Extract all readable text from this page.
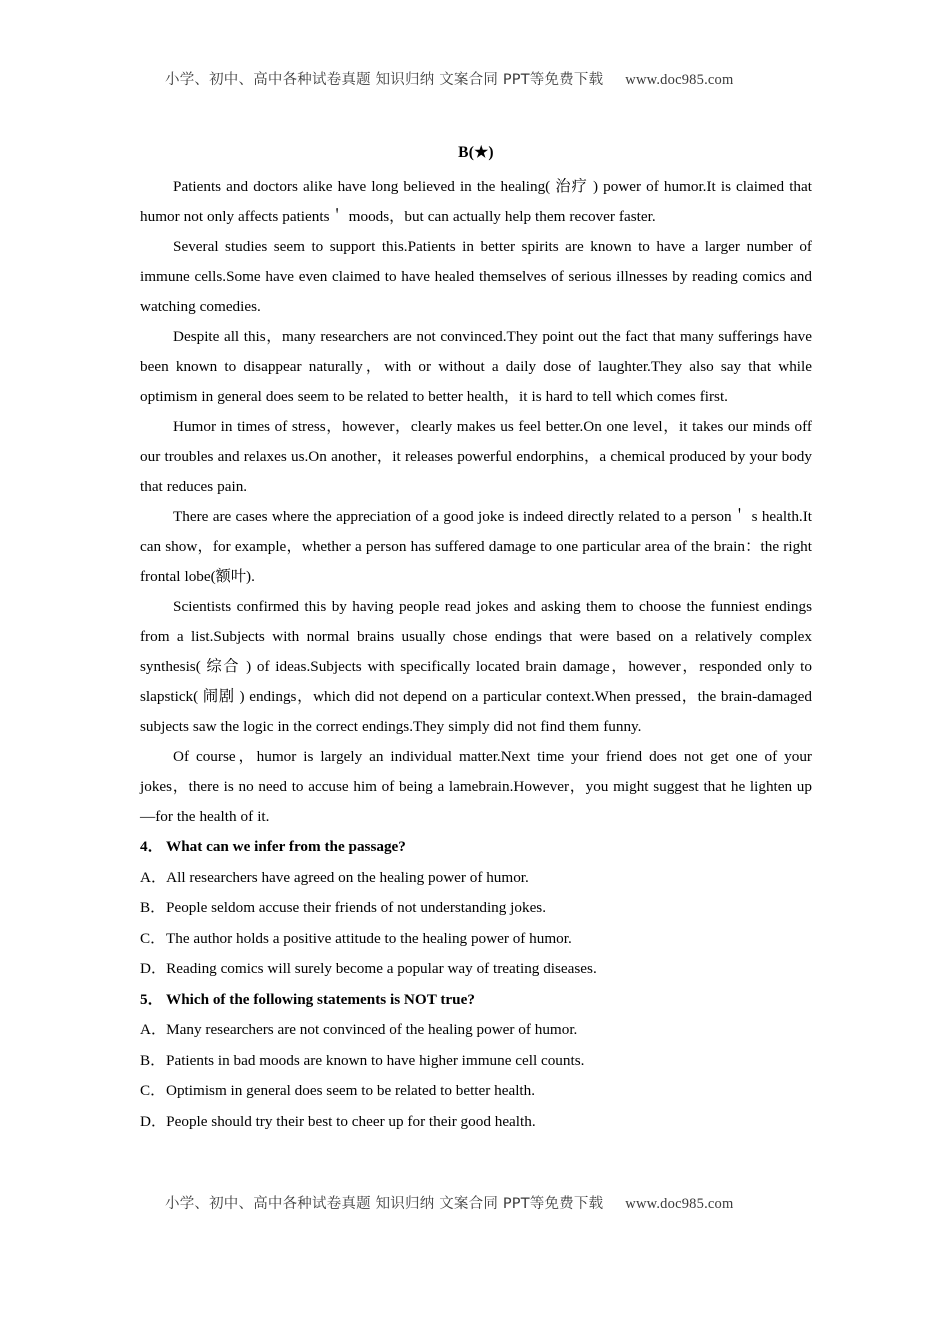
小学、初中、高中各种试卷真题 知识归纳 文案合同 PPT等免费下载 www.doc985.com

B(★)

Patients and doctors alike have long believed in the healing( 治疗 ) power of humor.It is claimed that humor not only affects patients＇ moods，but can actually help them recover faster.

Several studies seem to support this.Patients in better spirits are known to have a larger number of immune cells.Some have even claimed to have healed themselves of serious illnesses by reading comics and watching comedies.

Despite all this，many researchers are not convinced.They point out the fact that many sufferings have been known to disappear naturally，with or without a daily dose of laughter.They also say that while optimism in general does seem to be related to better health，it is hard to tell which comes first.

Humor in times of stress，however，clearly makes us feel better.On one level，it takes our minds off our troubles and relaxes us.On another，it releases powerful endorphins，a chemical produced by your body that reduces pain.

There are cases where the appreciation of a good joke is indeed directly related to a person＇ s health.It can show，for example，whether a person has suffered damage to one particular area of the brain：the right frontal lobe(额叶).

Scientists confirmed this by having people read jokes and asking them to choose the funniest endings from a list.Subjects with normal brains usually chose endings that were based on a relatively complex synthesis( 综合 ) of ideas.Subjects with specifically located brain damage，however，responded only to slapstick( 闹剧 ) endings，which did not depend on a particular context.When pressed，the brain-damaged subjects saw the logic in the correct endings.They simply did not find them funny.

Of course，humor is largely an individual matter.Next time your friend does not get one of your jokes，there is no need to accuse him of being a lamebrain.However，you might suggest that he lighten up—for the health of it.

4． What can we infer from the passage?

A．All researchers have agreed on the healing power of humor.

B．People seldom accuse their friends of not understanding jokes.

C．The author holds a positive attitude to the healing power of humor.

D．Reading comics will surely become a popular way of treating diseases.

5． Which of the following statements is NOT true?

A．Many researchers are not convinced of the healing power of humor.

B．Patients in bad moods are known to have higher immune cell counts.

C．Optimism in general does seem to be related to better health.

D．People should try their best to cheer up for their good health.

小学、初中、高中各种试卷真题 知识归纳 文案合同 PPT等免费下载 www.doc985.com
